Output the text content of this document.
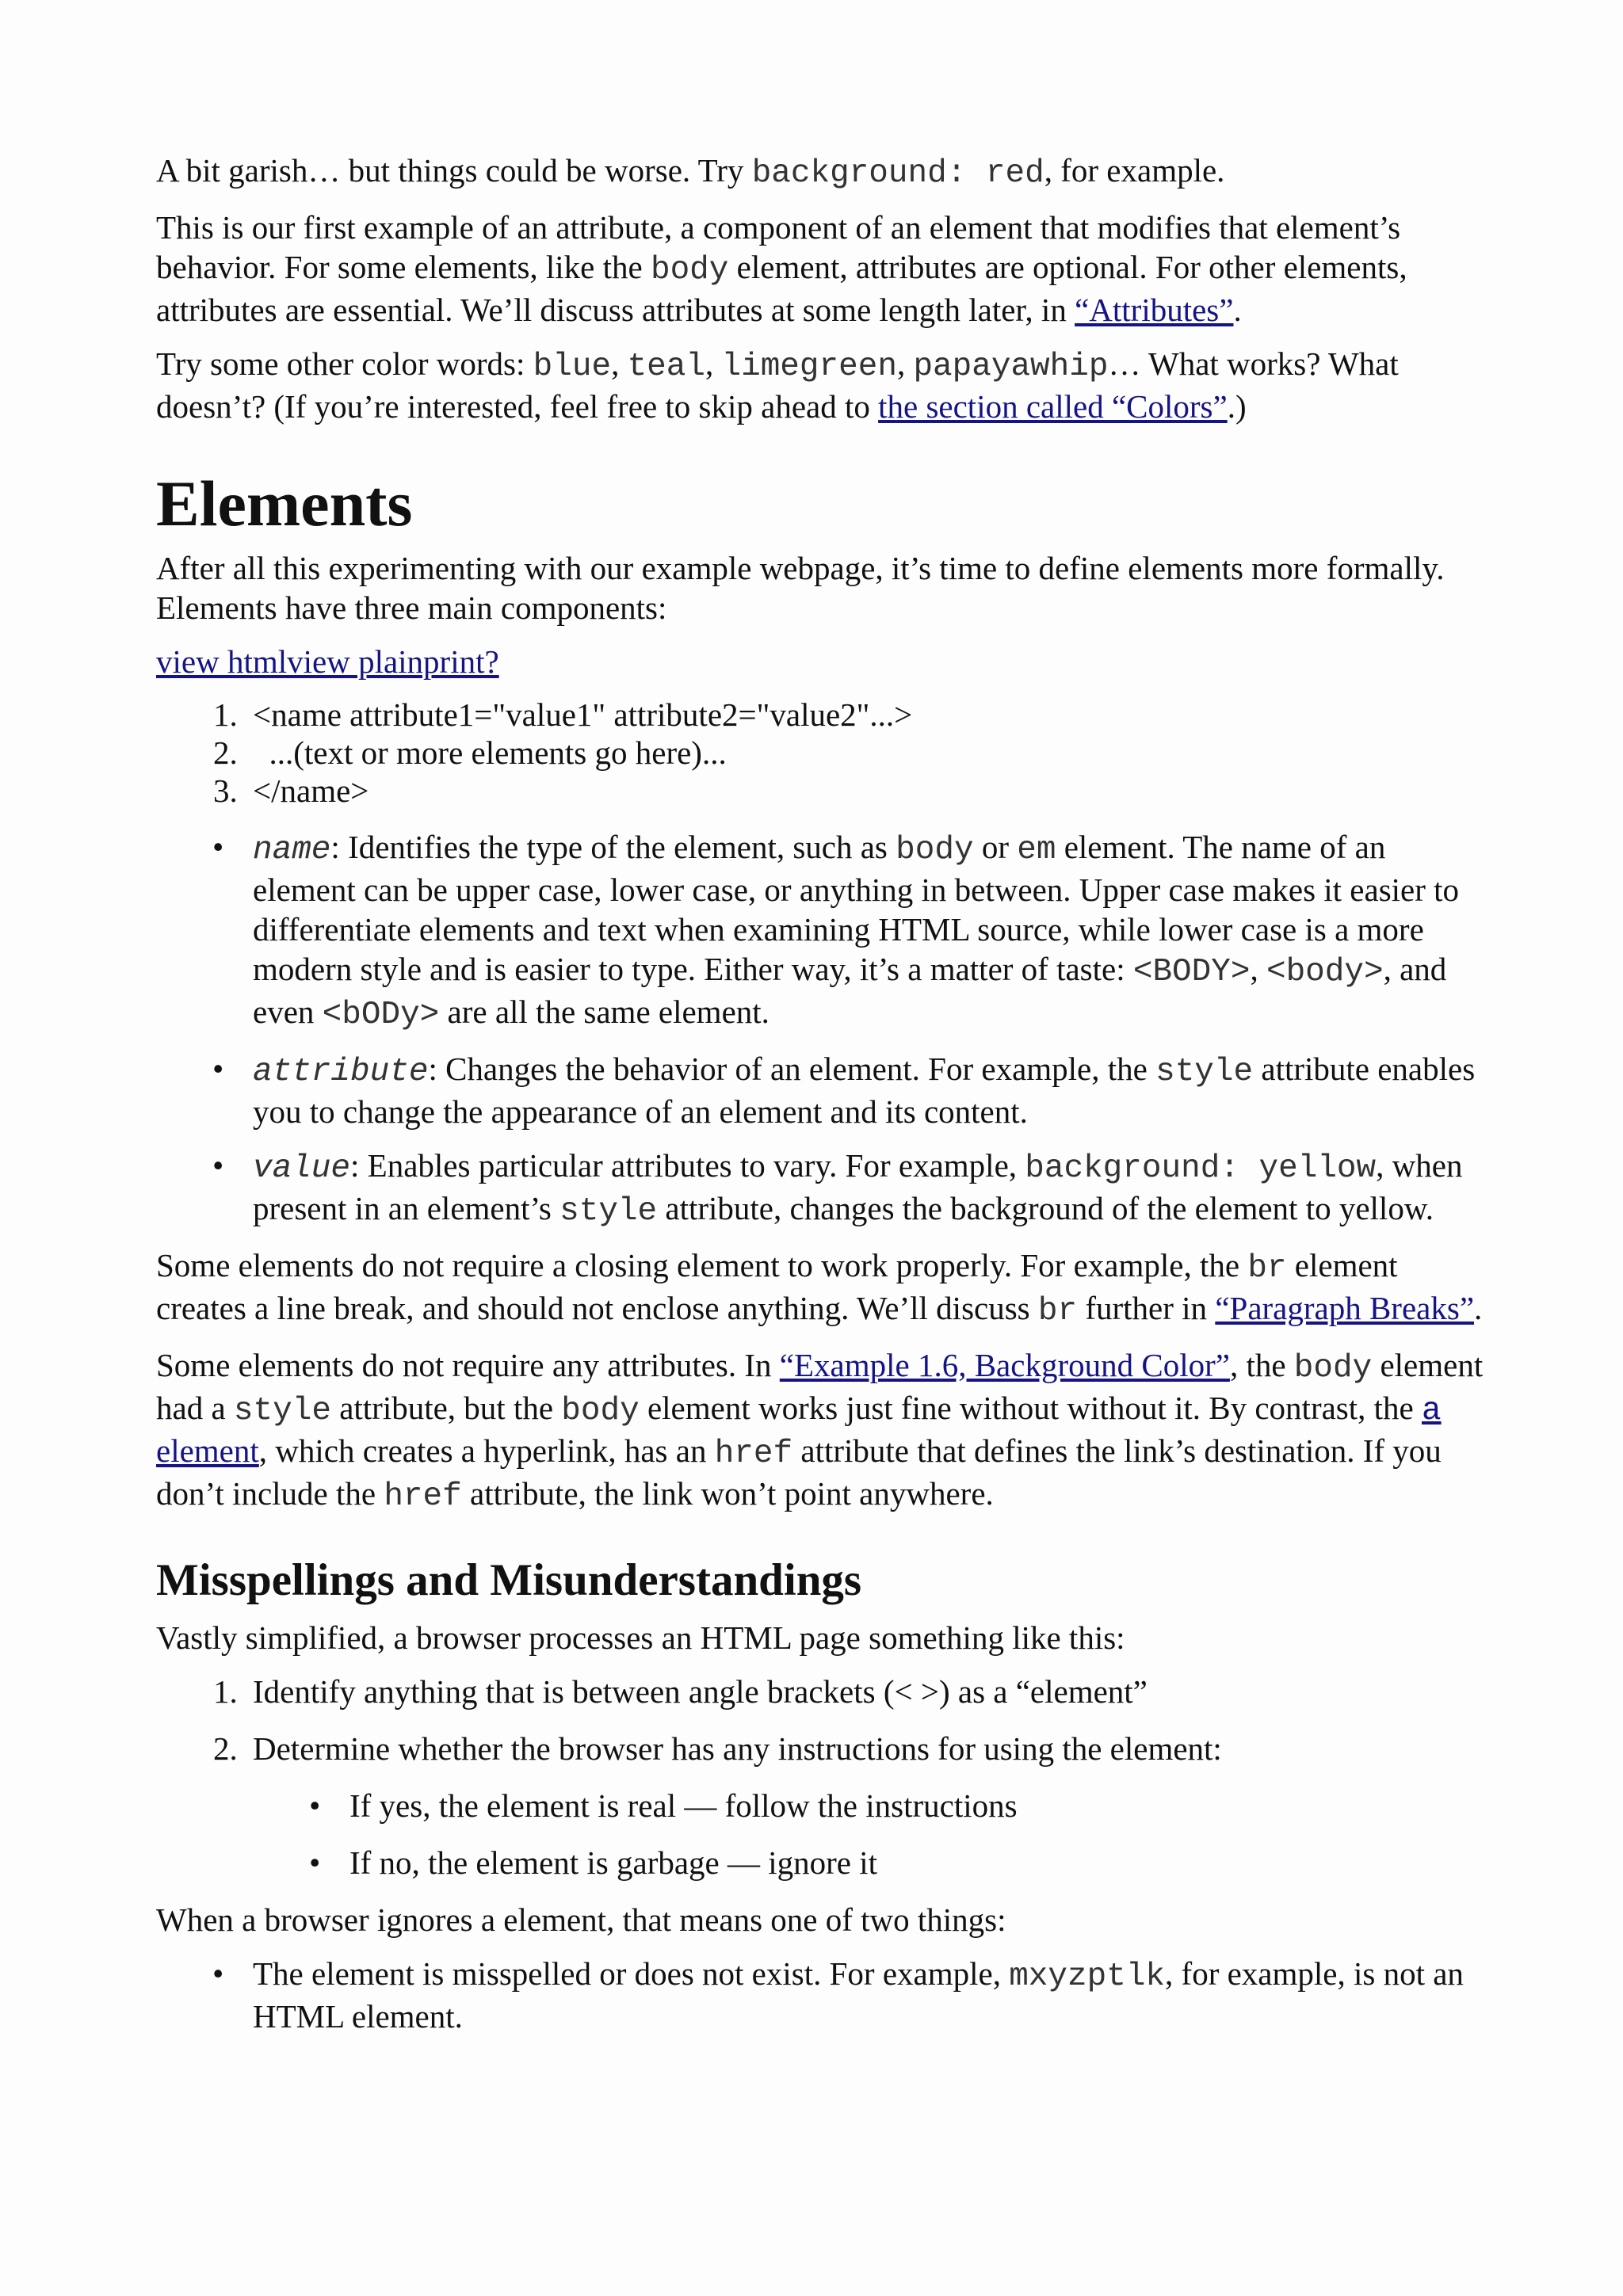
A bit garish… but things could be worse. Try background: red, for example.

This is our first example of an attribute, a component of an element that modifies that element’s behavior. For some elements, like the body element, attributes are optional. For other elements, attributes are essential. We’ll discuss attributes at some length later, in “Attributes”.

Try some other color words: blue, teal, limegreen, papayawhip… What works? What doesn’t? (If you’re interested, feel free to skip ahead to the section called “Colors”.)

Elements

After all this experimenting with our example webpage, it’s time to define elements more formally. Elements have three main components:

view htmlview plainprint?

1. <name attribute1="value1" attribute2="value2"...>
2. ...(text or more elements go here)...
3. </name>
• name: Identifies the type of the element, such as body or em element. The name of an element can be upper case, lower case, or anything in between. Upper case makes it easier to differentiate elements and text when examining HTML source, while lower case is a more modern style and is easier to type. Either way, it’s a matter of taste: <BODY>, <body>, and even <bODy> are all the same element.
• attribute: Changes the behavior of an element. For example, the style attribute enables you to change the appearance of an element and its content.
• value: Enables particular attributes to vary. For example, background: yellow, when present in an element’s style attribute, changes the background of the element to yellow.

Some elements do not require a closing element to work properly. For example, the br element creates a line break, and should not enclose anything. We’ll discuss br further in “Paragraph Breaks”.

Some elements do not require any attributes. In “Example 1.6, Background Color”, the body element had a style attribute, but the body element works just fine without without it. By contrast, the a element, which creates a hyperlink, has an href attribute that defines the link’s destination. If you don’t include the href attribute, the link won’t point anywhere.

Misspellings and Misunderstandings

Vastly simplified, a browser processes an HTML page something like this:

1. Identify anything that is between angle brackets (< >) as a “element”
2. Determine whether the browser has any instructions for using the element:
• If yes, the element is real — follow the instructions
• If no, the element is garbage — ignore it

When a browser ignores a element, that means one of two things:

• The element is misspelled or does not exist. For example, mxyzptlk, for example, is not an HTML element.
